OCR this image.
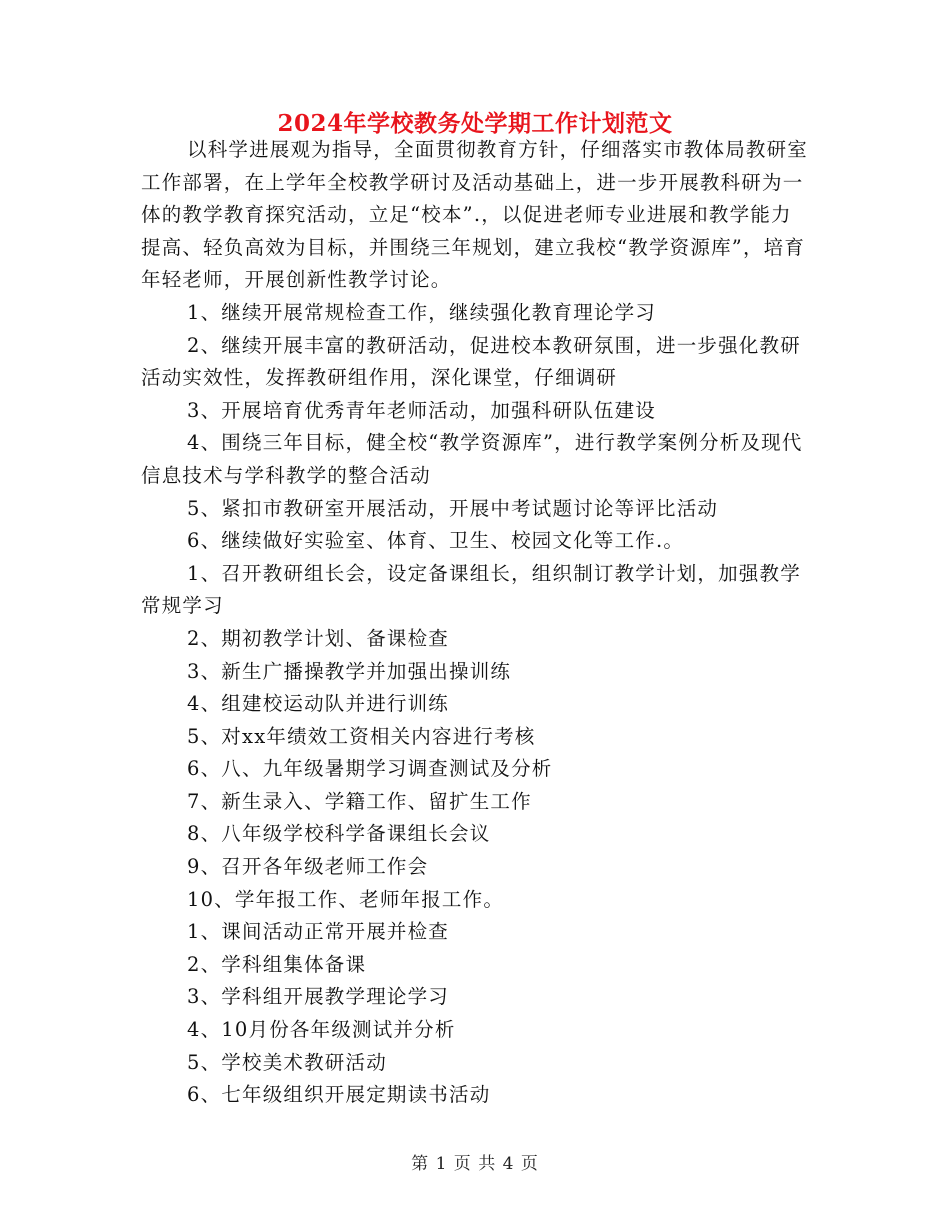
2024年学校教务处学期工作计划范文

以科学进展观为指导，全面贯彻教育方针，仔细落实市教体局教研室工作部署，在上学年全校教学研讨及活动基础上，进一步开展教科研为一体的教学教育探究活动，立足“校本”.，以促进老师专业进展和教学能力提高、轻负高效为目标，并围绕三年规划，建立我校“教学资源库”，培育年轻老师，开展创新性教学讨论。

1、继续开展常规检查工作，继续强化教育理论学习

2、继续开展丰富的教研活动，促进校本教研氛围，进一步强化教研活动实效性，发挥教研组作用，深化课堂，仔细调研

3、开展培育优秀青年老师活动，加强科研队伍建设

4、围绕三年目标，健全校“教学资源库”，进行教学案例分析及现代信息技术与学科教学的整合活动

5、紧扣市教研室开展活动，开展中考试题讨论等评比活动

6、继续做好实验室、体育、卫生、校园文化等工作.。

1、召开教研组长会，设定备课组长，组织制订教学计划，加强教学常规学习

2、期初教学计划、备课检查

3、新生广播操教学并加强出操训练

4、组建校运动队并进行训练

5、对xx年绩效工资相关内容进行考核

6、八、九年级暑期学习调查测试及分析

7、新生录入、学籍工作、留扩生工作

8、八年级学校科学备课组长会议

9、召开各年级老师工作会

10、学年报工作、老师年报工作。

1、课间活动正常开展并检查

2、学科组集体备课

3、学科组开展教学理论学习

4、10月份各年级测试并分析

5、学校美术教研活动

6、七年级组织开展定期读书活动

第 1 页 共 4 页
